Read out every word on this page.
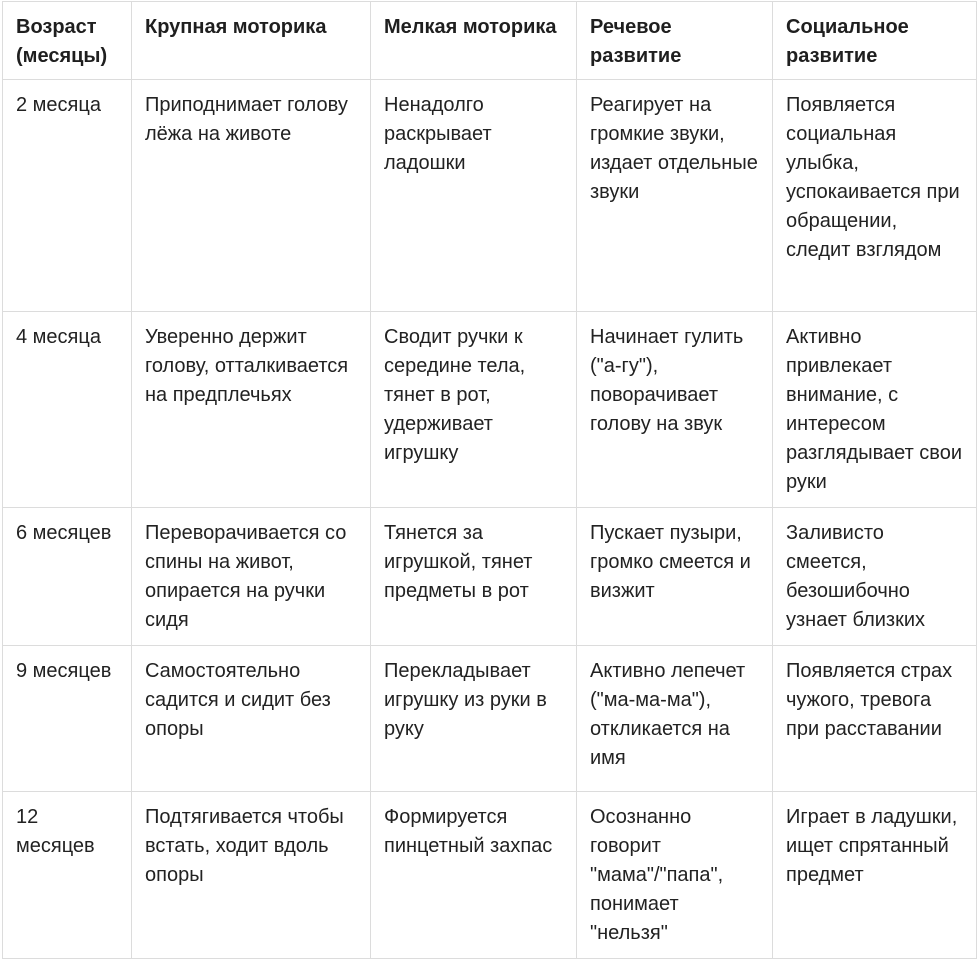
Возраст (месяцы)	Крупная моторика	Мелкая моторика	Речевое развитие	Социальное развитие
2 месяца	Приподнимает голову лёжа на животе	Ненадолго раскрывает ладошки	Реагирует на громкие звуки, издает отдельные звуки	Появляется социальная улыбка, успокаивается при обращении, следит взглядом
4 месяца	Уверенно держит голову, отталкивается на предплечьях	Сводит ручки к середине тела, тянет в рот, удерживает игрушку	Начинает гулить ("а-гу"), поворачивает голову на звук	Активно привлекает внимание, с интересом разглядывает свои руки
6 месяцев	Переворачивается со спины на живот, опирается на ручки сидя	Тянется за игрушкой, тянет предметы в рот	Пускает пузыри, громко смеется и визжит	Заливисто смеется, безошибочно узнает близких
9 месяцев	Самостоятельно садится и сидит без опоры	Перекладывает игрушку из руки в руку	Активно лепечет ("ма-ма-ма"), откликается на имя	Появляется страх чужого, тревога при расставании
12 месяцев	Подтягивается чтобы встать, ходит вдоль опоры	Формируется пинцетный захпас	Осознанно говорит "мама"/"папа", понимает "нельзя"	Играет в ладушки, ищет спрятанный предмет
